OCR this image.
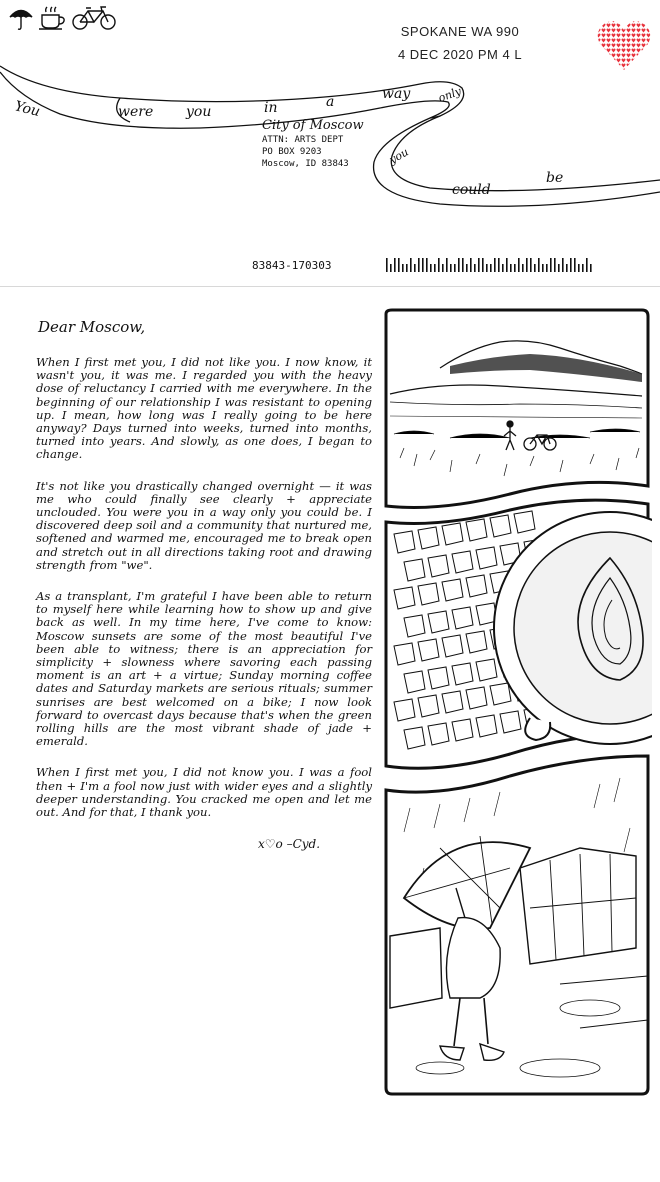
SPOKANE WA 990
4 DEC 2020 PM 4 L
You	were you	in	a	way only
you
could
be
City of Moscow
ATTN: ARTS DEPT
PO BOX 9203
Moscow, ID 83843
83843-170303
Dear Moscow,

When I first met you, I did not like you. I now know, it wasn't you, it was me. I regarded you with the heavy dose of reluctancy I carried with me everywhere. In the beginning of our relationship I was resistant to opening up. I mean, how long was I really going to be here anyway? Days turned into weeks, turned into months, turned into years. And slowly, as one does, I began to change.

It's not like you drastically changed overnight — it was me who could finally see clearly + appreciate unclouded. You were you in a way only you could be. I discovered deep soil and a community that nurtured me, softened and warmed me, encouraged me to break open and stretch out in all directions taking root and drawing strength from "we".

As a transplant, I'm grateful I have been able to return to myself here while learning how to show up and give back as well. In my time here, I've come to know: Moscow sunsets are some of the most beautiful I've been able to witness; there is an appreciation for simplicity + slowness where savoring each passing moment is an art + a virtue; Sunday morning coffee dates and Saturday markets are serious rituals; summer sunrises are best welcomed on a bike; I now look forward to overcast days because that's when the green rolling hills are the most vibrant shade of jade + emerald.

When I first met you, I did not know you. I was a fool then + I'm a fool now just with wider eyes and a slightly deeper understanding. You cracked me open and let me out. And for that, I thank you.

x♡o –Cyd.
